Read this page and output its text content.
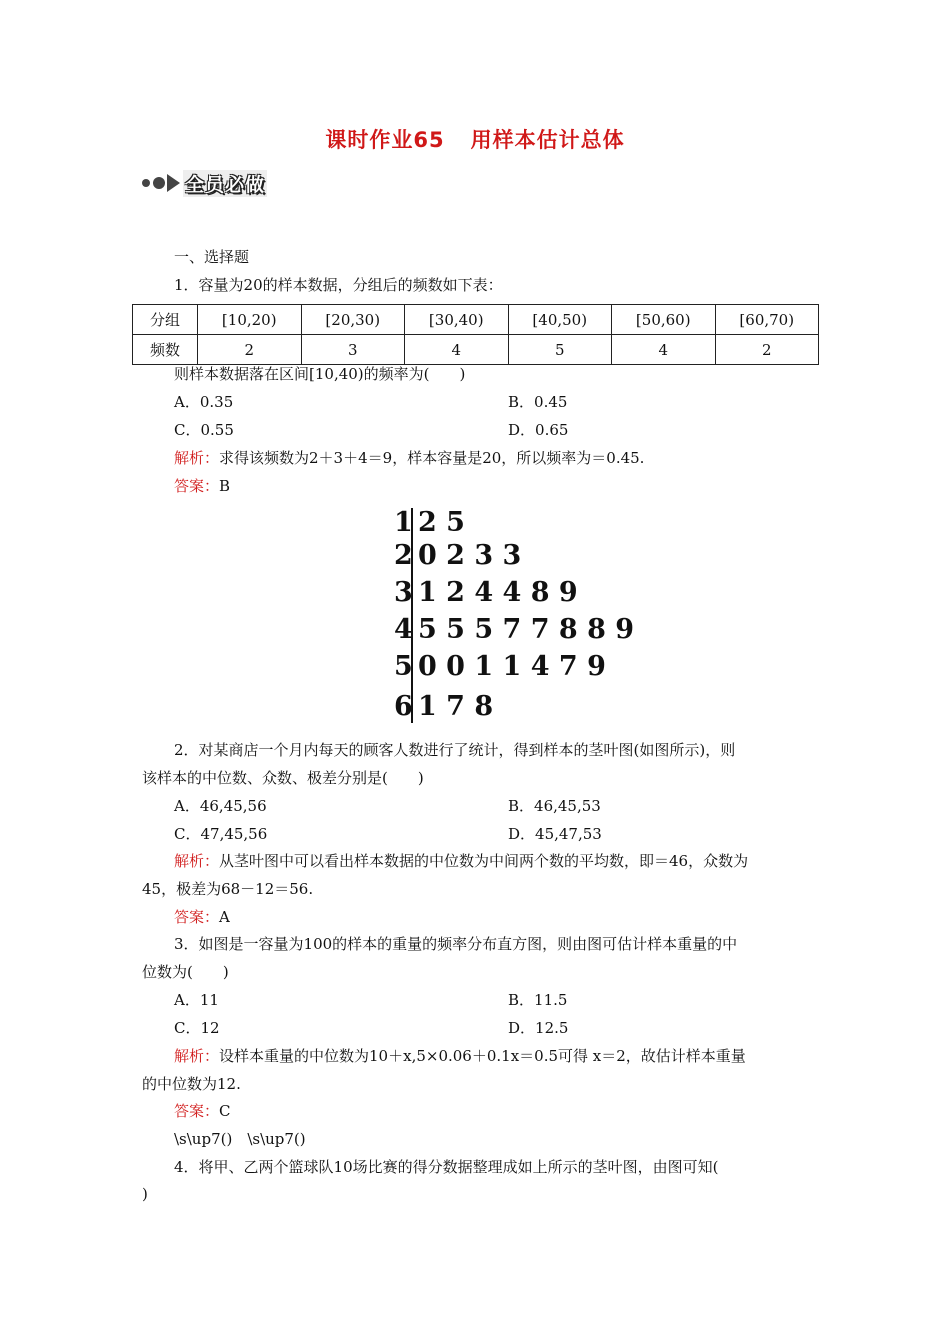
课时作业65 用样本估计总体
全员必做
一、选择题
1．容量为20的样本数据，分组后的频数如下表：
分组	[10,20)	[20,30)	[30,40)	[40,50)	[50,60)	[60,70)
频数	2	3	4	5	4	2
则样本数据落在区间[10,40)的频率为(　　)
A．0.35	B．0.45
C．0.55	D．0.65
解析：求得该频数为2＋3＋4＝9，样本容量是20，所以频率为＝0.45.
答案：B
1 2 5
2 0 2 3 3
3 1 2 4 4 8 9
4 5 5 5 7 7 8 8 9
5 0 0 1 1 4 7 9
6 1 7 8
2．对某商店一个月内每天的顾客人数进行了统计，得到样本的茎叶图(如图所示)，则
该样本的中位数、众数、极差分别是(　　)
A．46,45,56	B．46,45,53
C．47,45,56	D．45,47,53
解析：从茎叶图中可以看出样本数据的中位数为中间两个数的平均数，即＝46，众数为
45，极差为68－12＝56.
答案：A
3．如图是一容量为100的样本的重量的频率分布直方图，则由图可估计样本重量的中
位数为(　　)
A．11	B．11.5
C．12	D．12.5
解析：设样本重量的中位数为10＋x,5×0.06＋0.1x＝0.5可得 x＝2，故估计样本重量
的中位数为12.
答案：C
\s\up7()　\s\up7()
4．将甲、乙两个篮球队10场比赛的得分数据整理成如上所示的茎叶图，由图可知(
)
